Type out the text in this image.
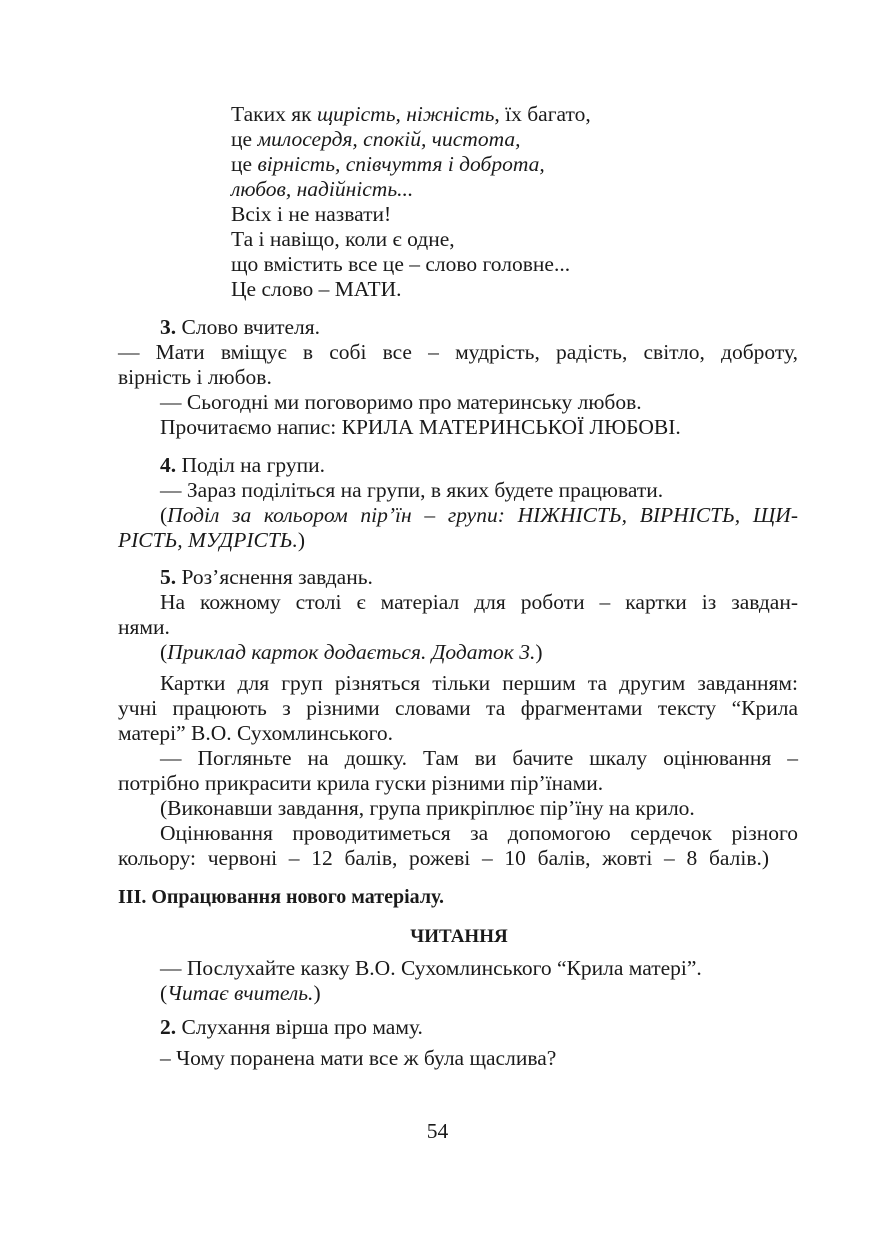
Таких як щирість, ніжність, їх багато,
це милосердя, спокій, чистота,
це вірність, співчуття і доброта,
любов, надійність...
Всіх і не назвати!
Та і навіщо, коли є одне,
що вмістить все це – слово головне...
Це слово – МАТИ.
3. Слово вчителя.
— Мати вміщує в собі все – мудрість, радість, світло, доброту,
вірність і любов.
— Сьогодні ми поговоримо про материнську любов.
Прочитаємо напис: КРИЛА МАТЕРИНСЬКОЇ ЛЮБОВІ.
4. Поділ на групи.
— Зараз поділіться на групи, в яких будете працювати.
(Поділ за кольором пір’їн – групи: НІЖНІСТЬ, ВІРНІСТЬ, ЩИ-
РІСТЬ, МУДРІСТЬ.)
5. Роз’яснення завдань.
На кожному столі є матеріал для роботи – картки із завдан-
нями.
(Приклад карток додається. Додаток 3.)
Картки для груп різняться тільки першим та другим завданням:
учні працюють з різними словами та фрагментами тексту “Крила
матері” В.О. Сухомлинського.
— Погляньте на дошку. Там ви бачите шкалу оцінювання –
потрібно прикрасити крила гуски різними пір’їнами.
(Виконавши завдання, група прикріплює пір’їну на крило.
Оцінювання проводитиметься за допомогою сердечок різного
кольору: червоні – 12 балів, рожеві – 10 балів, жовті – 8 балів.)
ІІІ. Опрацювання нового матеріалу.
ЧИТАННЯ
— Послухайте казку В.О. Сухомлинського “Крила матері”.
(Читає вчитель.)
2. Слухання вірша про маму.
– Чому поранена мати все ж була щаслива?
54
